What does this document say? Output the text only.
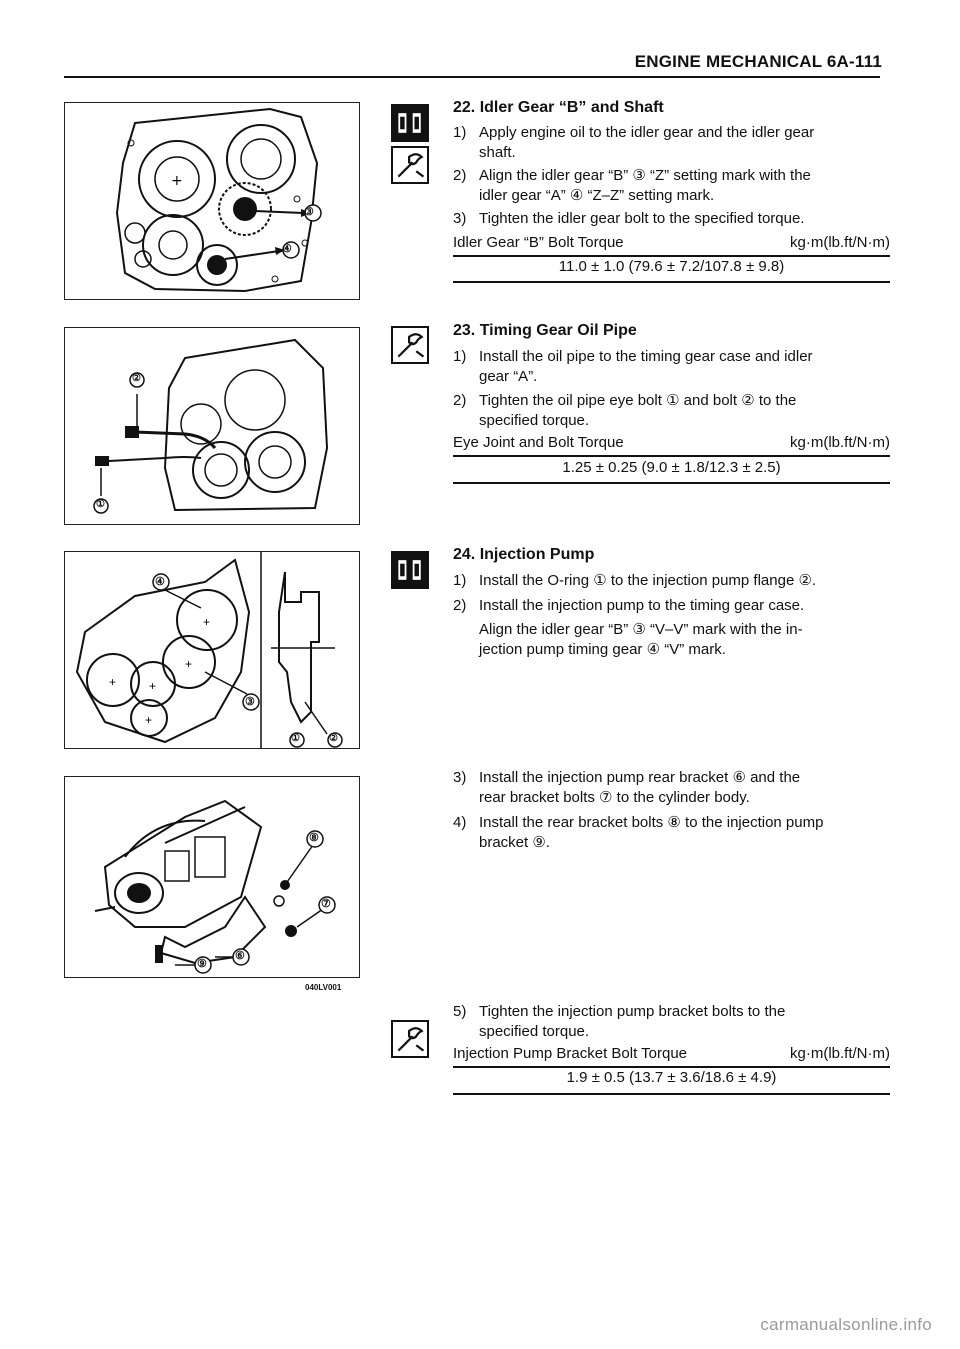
ENGINE MECHANICAL 6A-111
+
③
④
②
①
+
+
+	+
+
④
③
①	②
⑧
⑦
⑨
⑥
040LV001
22. Idler Gear “B” and Shaft
1) Apply engine oil to the idler gear and the idler gear
shaft.
2) Align the idler gear “B” ③ “Z” setting mark with the
idler gear “A” ④ “Z–Z” setting mark.
3) Tighten the idler gear bolt to the specified torque.
Idler Gear “B” Bolt Torque	kg·m(lb.ft/N·m)
11.0 ± 1.0 (79.6 ± 7.2/107.8 ± 9.8)
23. Timing Gear Oil Pipe
1) Install the oil pipe to the timing gear case and idler
gear “A”.
2) Tighten the oil pipe eye bolt ① and bolt ② to the
specified torque.
Eye Joint and Bolt Torque	kg·m(lb.ft/N·m)
1.25 ± 0.25 (9.0 ± 1.8/12.3 ± 2.5)
24. Injection Pump
1) Install the O-ring ① to the injection pump flange ②.
2) Install the injection pump to the timing gear case.
Align the idler gear “B” ③ “V–V” mark with the in-
jection pump timing gear ④ “V” mark.
3) Install the injection pump rear bracket ⑥ and the
rear bracket bolts ⑦ to the cylinder body.
4) Install the rear bracket bolts ⑧ to the injection pump
bracket ⑨.
5) Tighten the injection pump bracket bolts to the
specified torque.
Injection Pump Bracket Bolt Torque	kg·m(lb.ft/N·m)
1.9 ± 0.5 (13.7 ± 3.6/18.6 ± 4.9)
carmanualsonline.info
